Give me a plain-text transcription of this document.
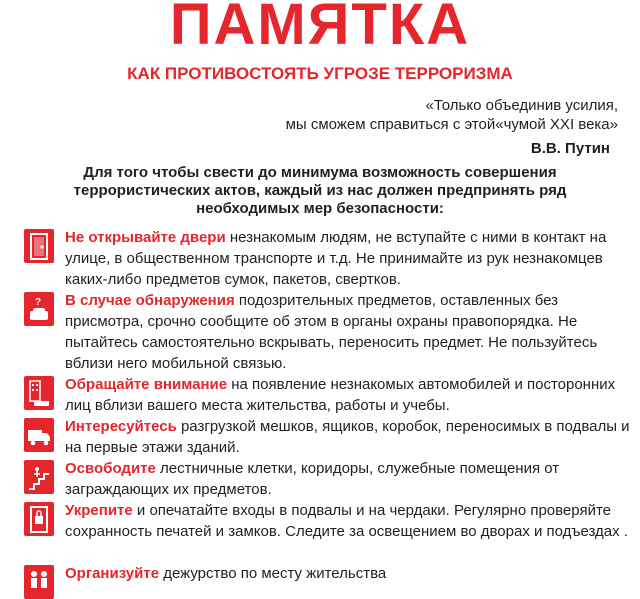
ПАМЯТКА
КАК ПРОТИВОСТОЯТЬ УГРОЗЕ ТЕРРОРИЗМА
«Только объединив усилия,
мы сможем справиться с этой«чумой XXI века»
В.В. Путин
Для того чтобы свести до минимума возможность совершения террористических актов, каждый из нас должен предпринять ряд необходимых мер безопасности:
Не открывайте двери незнакомым людям, не вступайте с ними в контакт на улице, в общественном транспорте и т.д. Не принимайте из рук незнакомцев каких-либо предметов сумок, пакетов, свертков.
? В случае обнаружения подозрительных предметов, оставленных без присмотра, срочно сообщите об этом в органы охраны правопорядка. Не пытайтесь самостоятельно вскрывать, переносить предмет. Не пользуйтесь вблизи него мобильной связью.
Обращайте внимание на появление незнакомых автомобилей и посторонних лиц вблизи вашего места жительства, работы и учебы.
Интересуйтесь разгрузкой мешков, ящиков, коробок, переносимых в подвалы и на первые этажи зданий.
Освободите лестничные клетки, коридоры, служебные помещения от заграждающих их предметов.
Укрепите и опечатайте входы в подвалы и на чердаки. Регулярно проверяйте сохранность печатей и замков. Следите за освещением во дворах и подъездах .
Организуйте дежурство по месту жительства
